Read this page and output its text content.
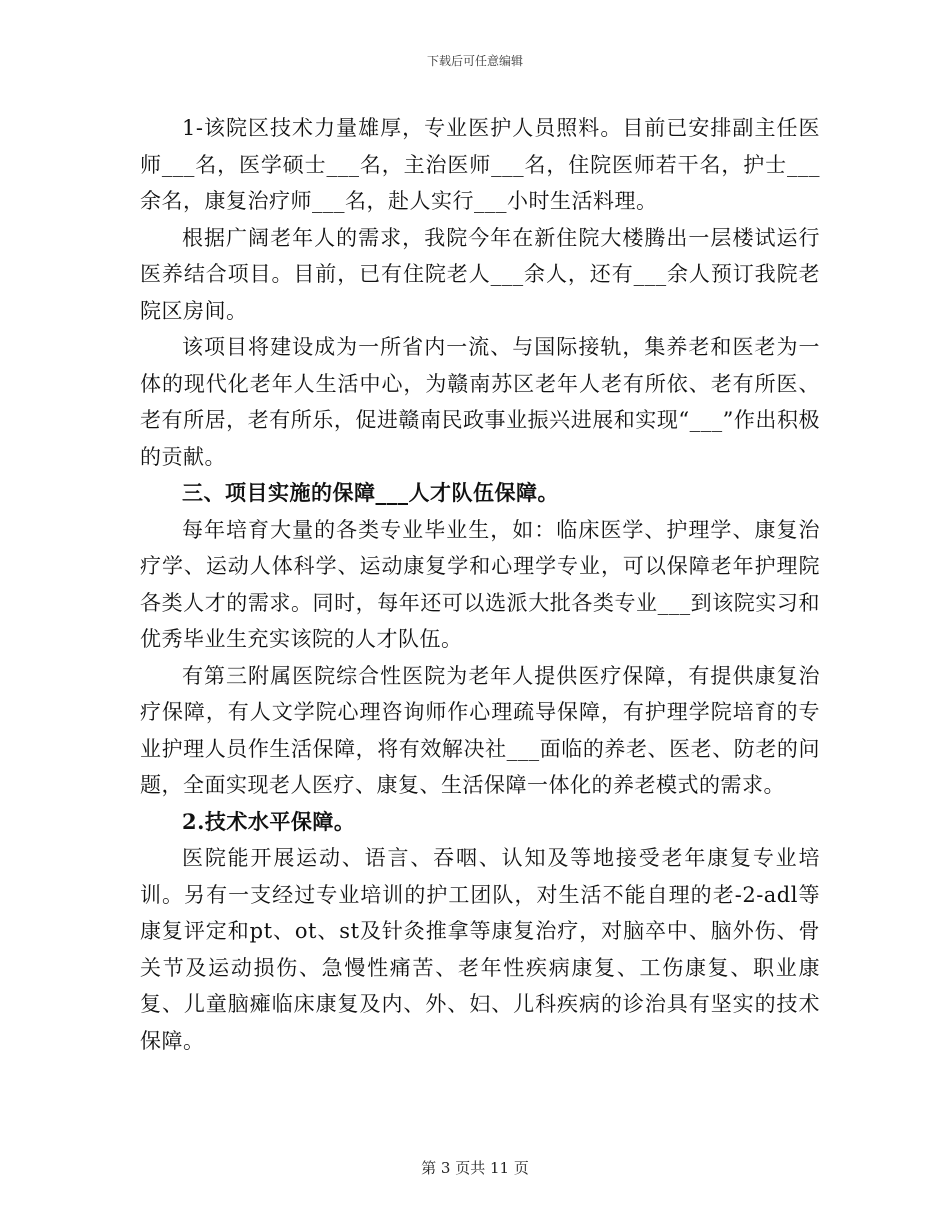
下载后可任意编辑

1-该院区技术力量雄厚，专业医护人员照料。目前已安排副主任医师___名，医学硕士___名，主治医师___名，住院医师若干名，护士___余名，康复治疗师___名，赴人实行___小时生活料理。

根据广阔老年人的需求，我院今年在新住院大楼腾出一层楼试运行医养结合项目。目前，已有住院老人___余人，还有___余人预订我院老院区房间。

该项目将建设成为一所省内一流、与国际接轨，集养老和医老为一体的现代化老年人生活中心，为赣南苏区老年人老有所依、老有所医、老有所居，老有所乐，促进赣南民政事业振兴进展和实现“___”作出积极的贡献。

三、项目实施的保障___人才队伍保障。

每年培育大量的各类专业毕业生，如：临床医学、护理学、康复治疗学、运动人体科学、运动康复学和心理学专业，可以保障老年护理院各类人才的需求。同时，每年还可以选派大批各类专业___到该院实习和优秀毕业生充实该院的人才队伍。

有第三附属医院综合性医院为老年人提供医疗保障，有提供康复治疗保障，有人文学院心理咨询师作心理疏导保障，有护理学院培育的专业护理人员作生活保障，将有效解决社___面临的养老、医老、防老的问题，全面实现老人医疗、康复、生活保障一体化的养老模式的需求。

2.技术水平保障。

医院能开展运动、语言、吞咽、认知及等地接受老年康复专业培训。另有一支经过专业培训的护工团队，对生活不能自理的老-2-adl等康复评定和pt、ot、st及针灸推拿等康复治疗，对脑卒中、脑外伤、骨关节及运动损伤、急慢性痛苦、老年性疾病康复、工伤康复、职业康复、儿童脑瘫临床康复及内、外、妇、儿科疾病的诊治具有坚实的技术保障。

第 3 页共 11 页
